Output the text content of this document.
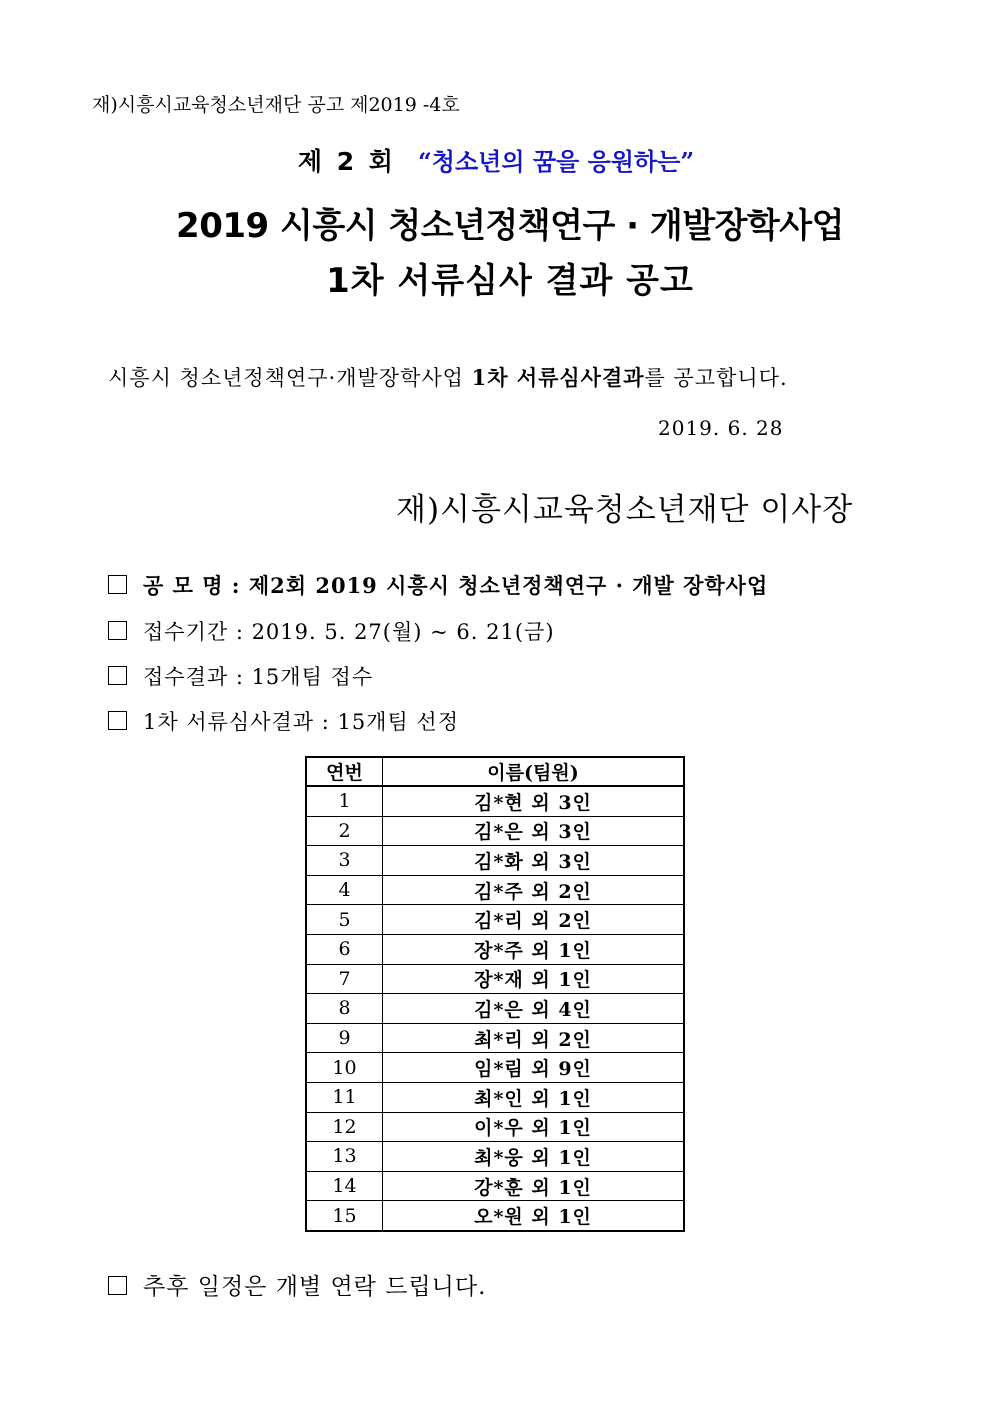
재)시흥시교육청소년재단 공고 제2019 -4호
제 2 회 “청소년의 꿈을 응원하는”
2019 시흥시 청소년정책연구 · 개발장학사업
1차 서류심사 결과 공고
시흥시 청소년정책연구·개발장학사업 1차 서류심사결과를 공고합니다.
2019. 6. 28
재)시흥시교육청소년재단 이사장
공 모 명 : 제2회 2019 시흥시 청소년정책연구 · 개발 장학사업
접수기간 : 2019. 5. 27(월) ~ 6. 21(금)
접수결과 : 15개팀 접수
1차 서류심사결과 : 15개팀 선정
연번	이름(팀원)
1	김*현 외 3인
2	김*은 외 3인
3	김*화 외 3인
4	김*주 외 2인
5	김*리 외 2인
6	장*주 외 1인
7	장*재 외 1인
8	김*은 외 4인
9	최*리 외 2인
10	임*림 외 9인
11	최*인 외 1인
12	이*우 외 1인
13	최*웅 외 1인
14	강*훈 외 1인
15	오*원 외 1인
추후 일정은 개별 연락 드립니다.
